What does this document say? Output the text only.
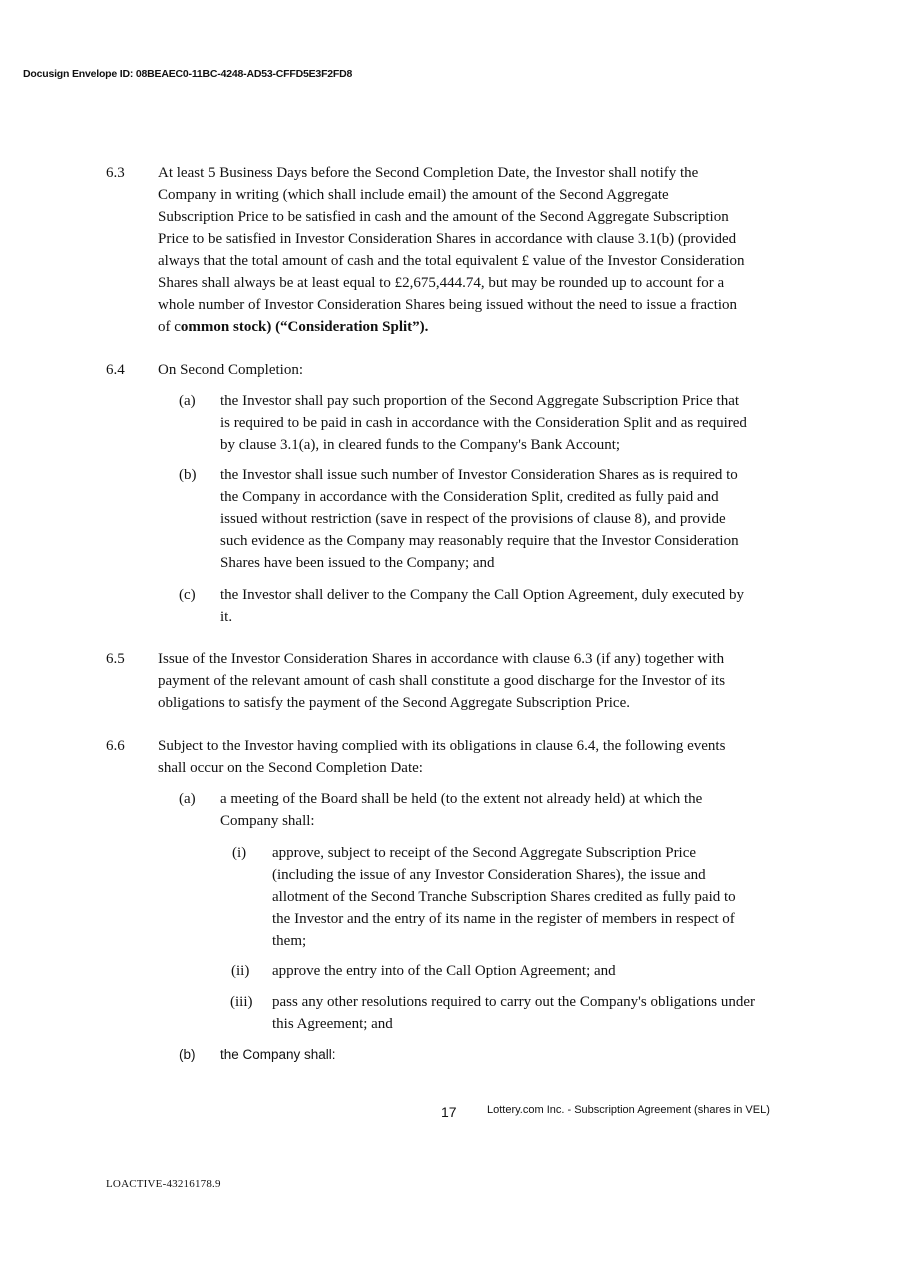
Docusign Envelope ID: 08BEAEC0-11BC-4248-AD53-CFFD5E3F2FD8
6.3 At least 5 Business Days before the Second Completion Date, the Investor shall notify the

Company in writing (which shall include email) the amount of the Second Aggregate

Subscription Price to be satisfied in cash and the amount of the Second Aggregate Subscription

Price to be satisfied in Investor Consideration Shares in accordance with clause 3.1(b) (provided

always that the total amount of cash and the total equivalent £ value of the Investor Consideration

Shares shall always be at least equal to £2,675,444.74, but may be rounded up to account for a

whole number of Investor Consideration Shares being issued without the need to issue a fraction

of common stock) (“Consideration Split”).

6.4 On Second Completion:
(a) the Investor shall pay such proportion of the Second Aggregate Subscription Price that

is required to be paid in cash in accordance with the Consideration Split and as required

by clause 3.1(a), in cleared funds to the Company's Bank Account;

(b) the Investor shall issue such number of Investor Consideration Shares as is required to

the Company in accordance with the Consideration Split, credited as fully paid and

issued without restriction (save in respect of the provisions of clause 8), and provide

such evidence as the Company may reasonably require that the Investor Consideration

Shares have been issued to the Company; and

(c) the Investor shall deliver to the Company the Call Option Agreement, duly executed by

it.

6.5 Issue of the Investor Consideration Shares in accordance with clause 6.3 (if any) together with

payment of the relevant amount of cash shall constitute a good discharge for the Investor of its

obligations to satisfy the payment of the Second Aggregate Subscription Price.

6.6 Subject to the Investor having complied with its obligations in clause 6.4, the following events

shall occur on the Second Completion Date:

(a) a meeting of the Board shall be held (to the extent not already held) at which the

Company shall:

(i) approve, subject to receipt of the Second Aggregate Subscription Price

(including the issue of any Investor Consideration Shares), the issue and

allotment of the Second Tranche Subscription Shares credited as fully paid to

the Investor and the entry of its name in the register of members in respect of

them;

(ii) approve the entry into of the Call Option Agreement; and

(iii) pass any other resolutions required to carry out the Company's obligations under

this Agreement; and

(b) the Company shall:
17	Lottery.com Inc. - Subscription Agreement (shares in VEL)
LOACTIVE-43216178.9
